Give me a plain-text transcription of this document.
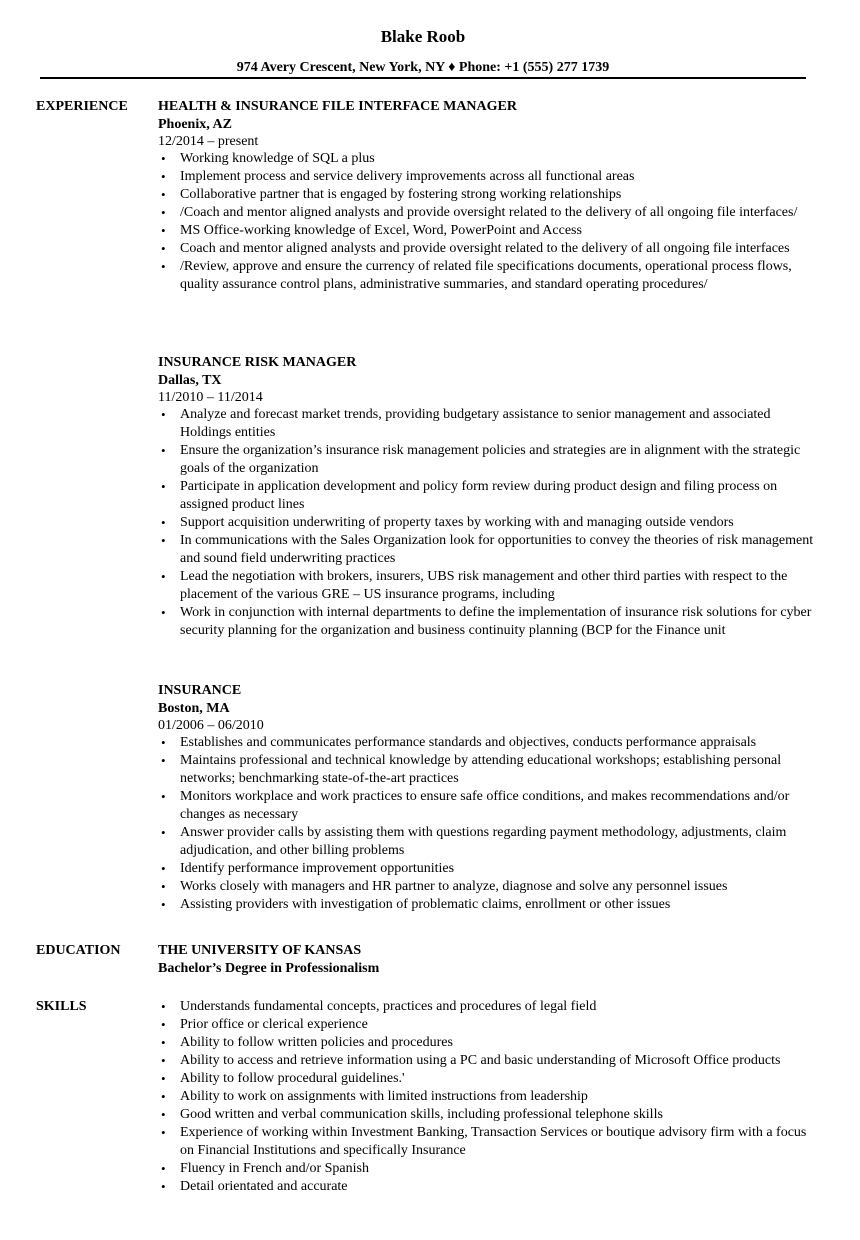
Blake Roob
974 Avery Crescent, New York, NY ♦ Phone: +1 (555) 277 1739
EXPERIENCE HEALTH & INSURANCE FILE INTERFACE MANAGER
Phoenix, AZ
12/2014 – present
• Working knowledge of SQL a plus
• Implement process and service delivery improvements across all functional areas
• Collaborative partner that is engaged by fostering strong working relationships
• /Coach and mentor aligned analysts and provide oversight related to the delivery of all ongoing file interfaces/
• MS Office-working knowledge of Excel, Word, PowerPoint and Access
• Coach and mentor aligned analysts and provide oversight related to the delivery of all ongoing file interfaces
• /Review, approve and ensure the currency of related file specifications documents, operational process flows, quality assurance control plans, administrative summaries, and standard operating procedures/
INSURANCE RISK MANAGER
Dallas, TX
11/2010 – 11/2014
• Analyze and forecast market trends, providing budgetary assistance to senior management and associated Holdings entities
• Ensure the organization’s insurance risk management policies and strategies are in alignment with the strategic goals of the organization
• Participate in application development and policy form review during product design and filing process on assigned product lines
• Support acquisition underwriting of property taxes by working with and managing outside vendors
• In communications with the Sales Organization look for opportunities to convey the theories of risk management and sound field underwriting practices
• Lead the negotiation with brokers, insurers, UBS risk management and other third parties with respect to the placement of the various GRE – US insurance programs, including
• Work in conjunction with internal departments to define the implementation of insurance risk solutions for cyber security planning for the organization and business continuity planning (BCP for the Finance unit
INSURANCE
Boston, MA
01/2006 – 06/2010
• Establishes and communicates performance standards and objectives, conducts performance appraisals
• Maintains professional and technical knowledge by attending educational workshops; establishing personal networks; benchmarking state-of-the-art practices
• Monitors workplace and work practices to ensure safe office conditions, and makes recommendations and/or changes as necessary
• Answer provider calls by assisting them with questions regarding payment methodology, adjustments, claim adjudication, and other billing problems
• Identify performance improvement opportunities
• Works closely with managers and HR partner to analyze, diagnose and solve any personnel issues
• Assisting providers with investigation of problematic claims, enrollment or other issues
EDUCATION	THE UNIVERSITY OF KANSAS
Bachelor’s Degree in Professionalism
SKILLS
•	Understands fundamental concepts, practices and procedures of legal field
• Prior office or clerical experience
• Ability to follow written policies and procedures
• Ability to access and retrieve information using a PC and basic understanding of Microsoft Office products
• Ability to follow procedural guidelines.'
• Ability to work on assignments with limited instructions from leadership
• Good written and verbal communication skills, including professional telephone skills
• Experience of working within Investment Banking, Transaction Services or boutique advisory firm with a focus on Financial Institutions and specifically Insurance
• Fluency in French and/or Spanish
• Detail orientated and accurate
